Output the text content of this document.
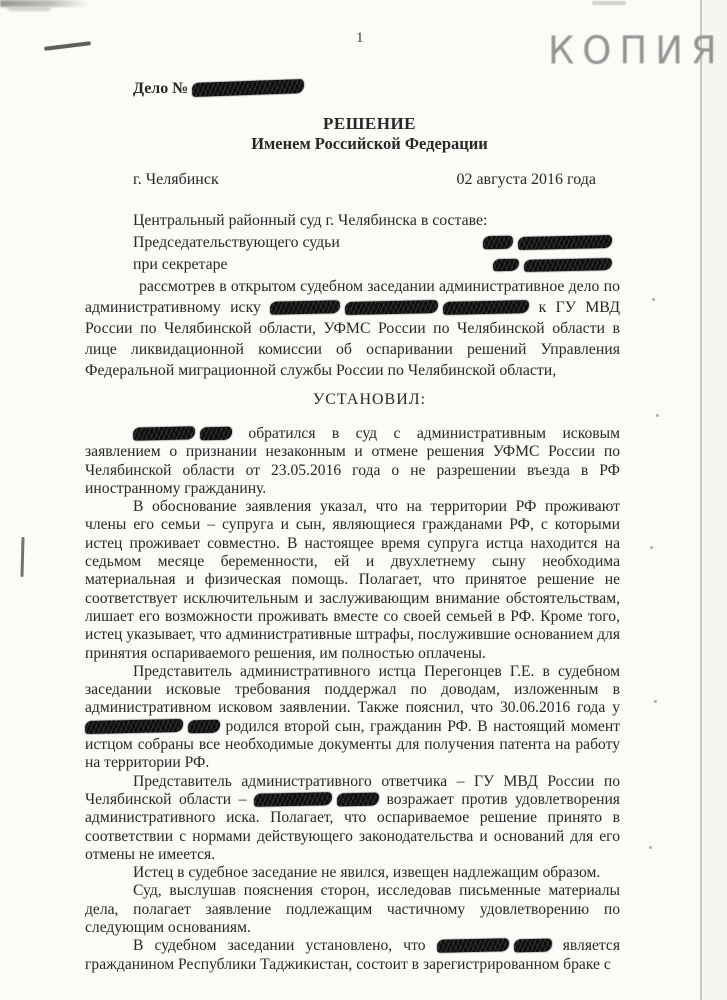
1	КОПИЯ
Дело №
РЕШЕНИЕ
Именем Российской Федерации
г. Челябинск	02 августа 2016 года
Центральный районный суд г. Челябинска в составе:
Председательствующего судьи
при секретаре

рассмотрев в открытом судебном заседании административное дело по административному иску	к ГУ МВД России по Челябинской области, УФМС России по Челябинской области в лице ликвидационной комиссии об оспаривании решений Управления Федеральной миграционной службы России по Челябинской области,

УСТАНОВИЛ:

обратился в суд с административным исковым заявлением о признании незаконным и отмене решения УФМС России по Челябинской области от 23.05.2016 года о не разрешении въезда в РФ иностранному гражданину.

В обоснование заявления указал, что на территории РФ проживают члены его семьи – супруга и сын, являющиеся гражданами РФ, с которыми истец проживает совместно. В настоящее время супруга истца находится на седьмом месяце беременности, ей и двухлетнему сыну необходима материальная и физическая помощь. Полагает, что принятое решение не соответствует исключительным и заслуживающим внимание обстоятельствам, лишает его возможности проживать вместе со своей семьей в РФ. Кроме того, истец указывает, что административные штрафы, послужившие основанием для принятия оспариваемого решения, им полностью оплачены.

Представитель административного истца Перегонцев Г.Е. в судебном заседании исковые требования поддержал по доводам, изложенным в административном исковом заявлении. Также пояснил, что 30.06.2016 года у  родился второй сын, гражданин РФ. В настоящий момент истцом собраны все необходимые документы для получения патента на работу на территории РФ.

Представитель административного ответчика – ГУ МВД России по Челябинской области –	возражает против удовлетворения административного иска. Полагает, что оспариваемое решение принято в соответствии с нормами действующего законодательства и оснований для его отмены не имеется.

Истец в судебное заседание не явился, извещен надлежащим образом.

Суд, выслушав пояснения сторон, исследовав письменные материалы дела, полагает заявление подлежащим частичному удовлетворению по следующим основаниям.

В судебном заседании установлено, что	является гражданином Республики Таджикистан, состоит в зарегистрированном браке с
